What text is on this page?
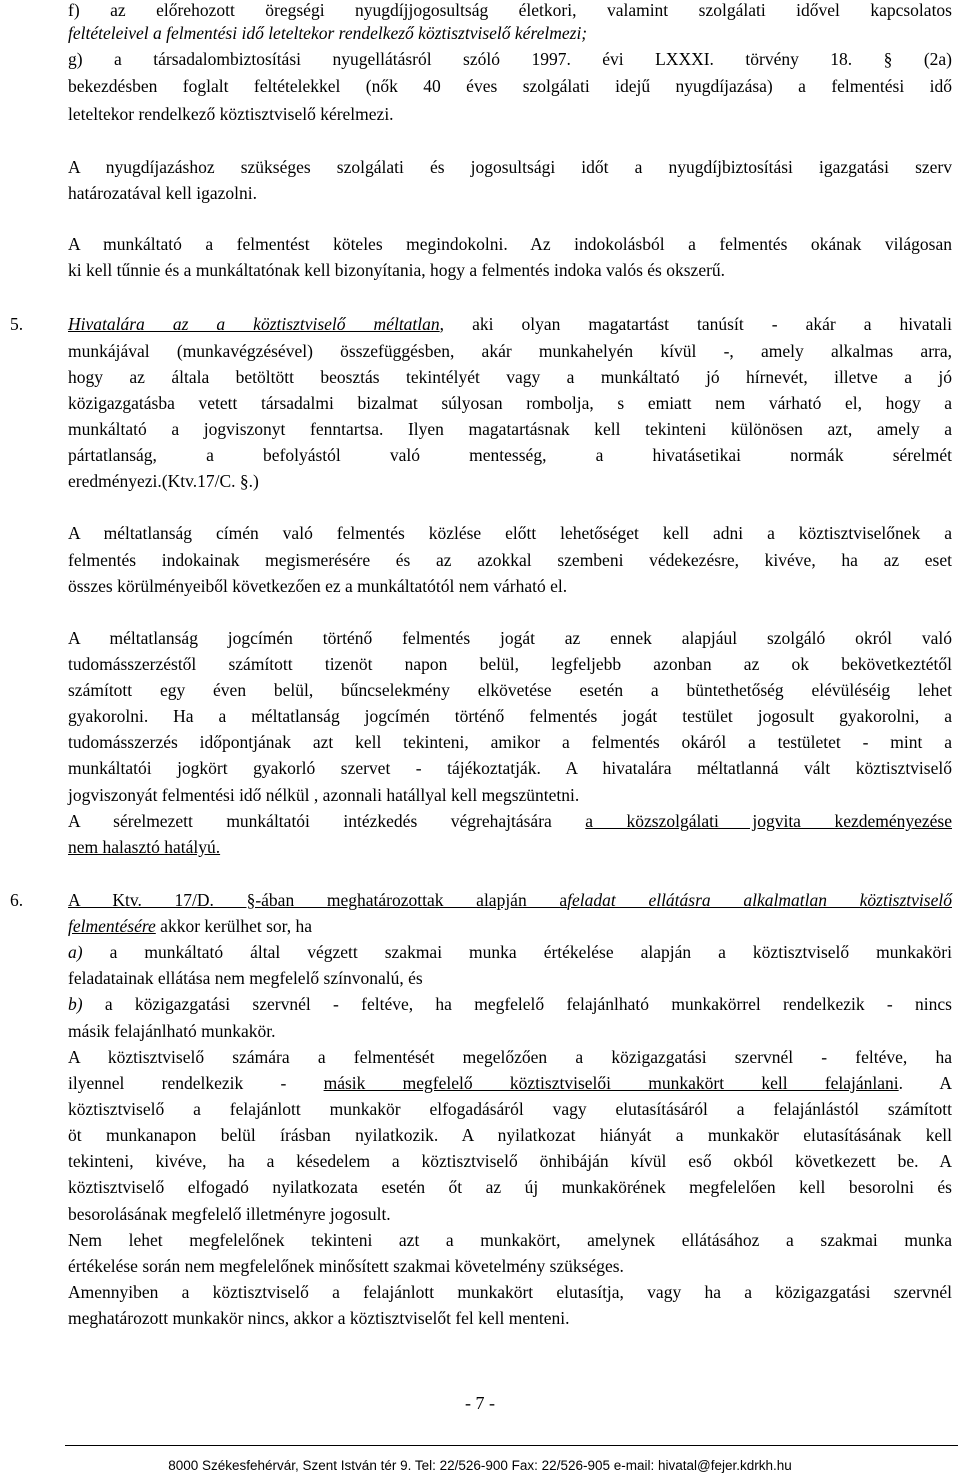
f) az előrehozott öregségi nyugdíjjogosultság életkori, valamint szolgálati idővel kapcsolatos
feltételeivel a felmentési idő leteltekor rendelkező köztisztviselő kérelmezi;
g) a társadalombiztosítási nyugellátásról szóló 1997. évi LXXXI. törvény 18. § (2a)
bekezdésben foglalt feltételekkel (nők 40 éves szolgálati idejű nyugdíjazása) a felmentési idő
leteltekor rendelkező köztisztviselő kérelmezi.
A nyugdíjazáshoz szükséges szolgálati és jogosultsági időt a nyugdíjbiztosítási igazgatási szerv
határozatával kell igazolni.
A munkáltató a felmentést köteles megindokolni. Az indokolásból a felmentés okának világosan
ki kell tűnnie és a munkáltatónak kell bizonyítania, hogy a felmentés indoka valós és okszerű.
5.	Hivatalára az a köztisztviselő méltatlan, aki olyan magatartást tanúsít - akár a hivatali
munkájával (munkavégzésével) összefüggésben, akár munkahelyén kívül -, amely alkalmas arra,
hogy az általa betöltött beosztás tekintélyét vagy a munkáltató jó hírnevét, illetve a jó
közigazgatásba vetett társadalmi bizalmat súlyosan rombolja, s emiatt nem várható el, hogy a
munkáltató a jogviszonyt fenntartsa. Ilyen magatartásnak kell tekinteni különösen azt, amely a
pártatlanság, a befolyástól való mentesség, a hivatásetikai normák sérelmét
eredményezi.(Ktv.17/C. §.)
A méltatlanság címén való felmentés közlése előtt lehetőséget kell adni a köztisztviselőnek a
felmentés indokainak megismerésére és az azokkal szembeni védekezésre, kivéve, ha az eset
összes körülményeiből következően ez a munkáltatótól nem várható el.
A méltatlanság jogcímén történő felmentés jogát az ennek alapjául szolgáló okról való
tudomásszerzéstől számított tizenöt napon belül, legfeljebb azonban az ok bekövetkeztétől
számított egy éven belül, bűncselekmény elkövetése esetén a büntethetőség elévüléséig lehet
gyakorolni. Ha a méltatlanság jogcímén történő felmentés jogát testület jogosult gyakorolni, a
tudomásszerzés időpontjának azt kell tekinteni, amikor a felmentés okáról a testületet - mint a
munkáltatói jogkört gyakorló szervet - tájékoztatják. A hivatalára méltatlanná vált köztisztviselő
jogviszonyát felmentési idő nélkül , azonnali hatállyal kell megszüntetni.
A sérelmezett munkáltatói intézkedés végrehajtására a közszolgálati jogvita kezdeményezése
nem halasztó hatályú.
6.	A Ktv. 17/D. §-ában meghatározottak alapján afeladat ellátásra alkalmatlan köztisztviselő
felmentésére akkor kerülhet sor, ha
a) a munkáltató által végzett szakmai munka értékelése alapján a köztisztviselő munkaköri
feladatainak ellátása nem megfelelő színvonalú, és
b) a közigazgatási szervnél - feltéve, ha megfelelő felajánlható munkakörrel rendelkezik - nincs
másik felajánlható munkakör.
A köztisztviselő számára a felmentését megelőzően a közigazgatási szervnél - feltéve, ha
ilyennel rendelkezik - másik megfelelő köztisztviselői munkakört kell felajánlani. A
köztisztviselő a felajánlott munkakör elfogadásáról vagy elutasításáról a felajánlástól számított
öt munkanapon belül írásban nyilatkozik. A nyilatkozat hiányát a munkakör elutasításának kell
tekinteni, kivéve, ha a késedelem a köztisztviselő önhibáján kívül eső okból következett be. A
köztisztviselő elfogadó nyilatkozata esetén őt az új munkakörének megfelelően kell besorolni és
besorolásának megfelelő illetményre jogosult.
Nem lehet megfelelőnek tekinteni azt a munkakört, amelynek ellátásához a szakmai munka
értékelése során nem megfelelőnek minősített szakmai követelmény szükséges.
Amennyiben a köztisztviselő a felajánlott munkakört elutasítja, vagy ha a közigazgatási szervnél
meghatározott munkakör nincs, akkor a köztisztviselőt fel kell menteni.
- 7 -
8000 Székesfehérvár, Szent István tér 9. Tel: 22/526-900 Fax: 22/526-905 e-mail: hivatal@fejer.kdrkh.hu
